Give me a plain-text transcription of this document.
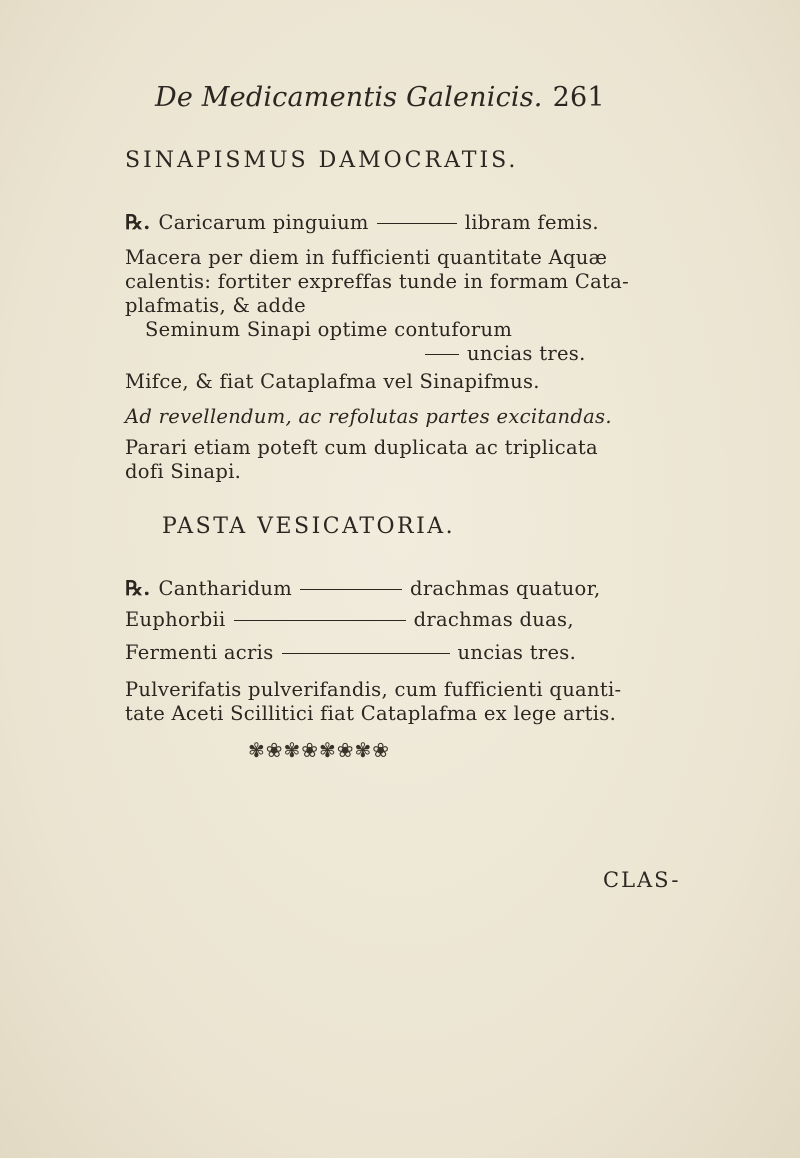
De Medicamentis Galenicis. 261
SINAPISMUS DAMOCRATIS.
℞. Caricarum pinguium	libram femis.
Macera per diem in fufficienti quantitate Aquæ
calentis: fortiter expreffas tunde in formam Cata-
plafmatis, & adde
Seminum Sinapi optime contuforum
uncias tres.
Mifce, & fiat Cataplafma vel Sinapifmus.
Ad revellendum, ac refolutas partes excitandas.
Parari etiam poteft cum duplicata ac triplicata
dofi Sinapi.
PASTA VESICATORIA.
℞. Cantharidum	drachmas quatuor,
Euphorbii	drachmas duas,
Fermenti acris	uncias tres.
Pulverifatis pulverifandis, cum fufficienti quanti-
tate Aceti Scillitici fiat Cataplafma ex lege artis.
✾❀✾❀✾❀✾❀
CLAS-
